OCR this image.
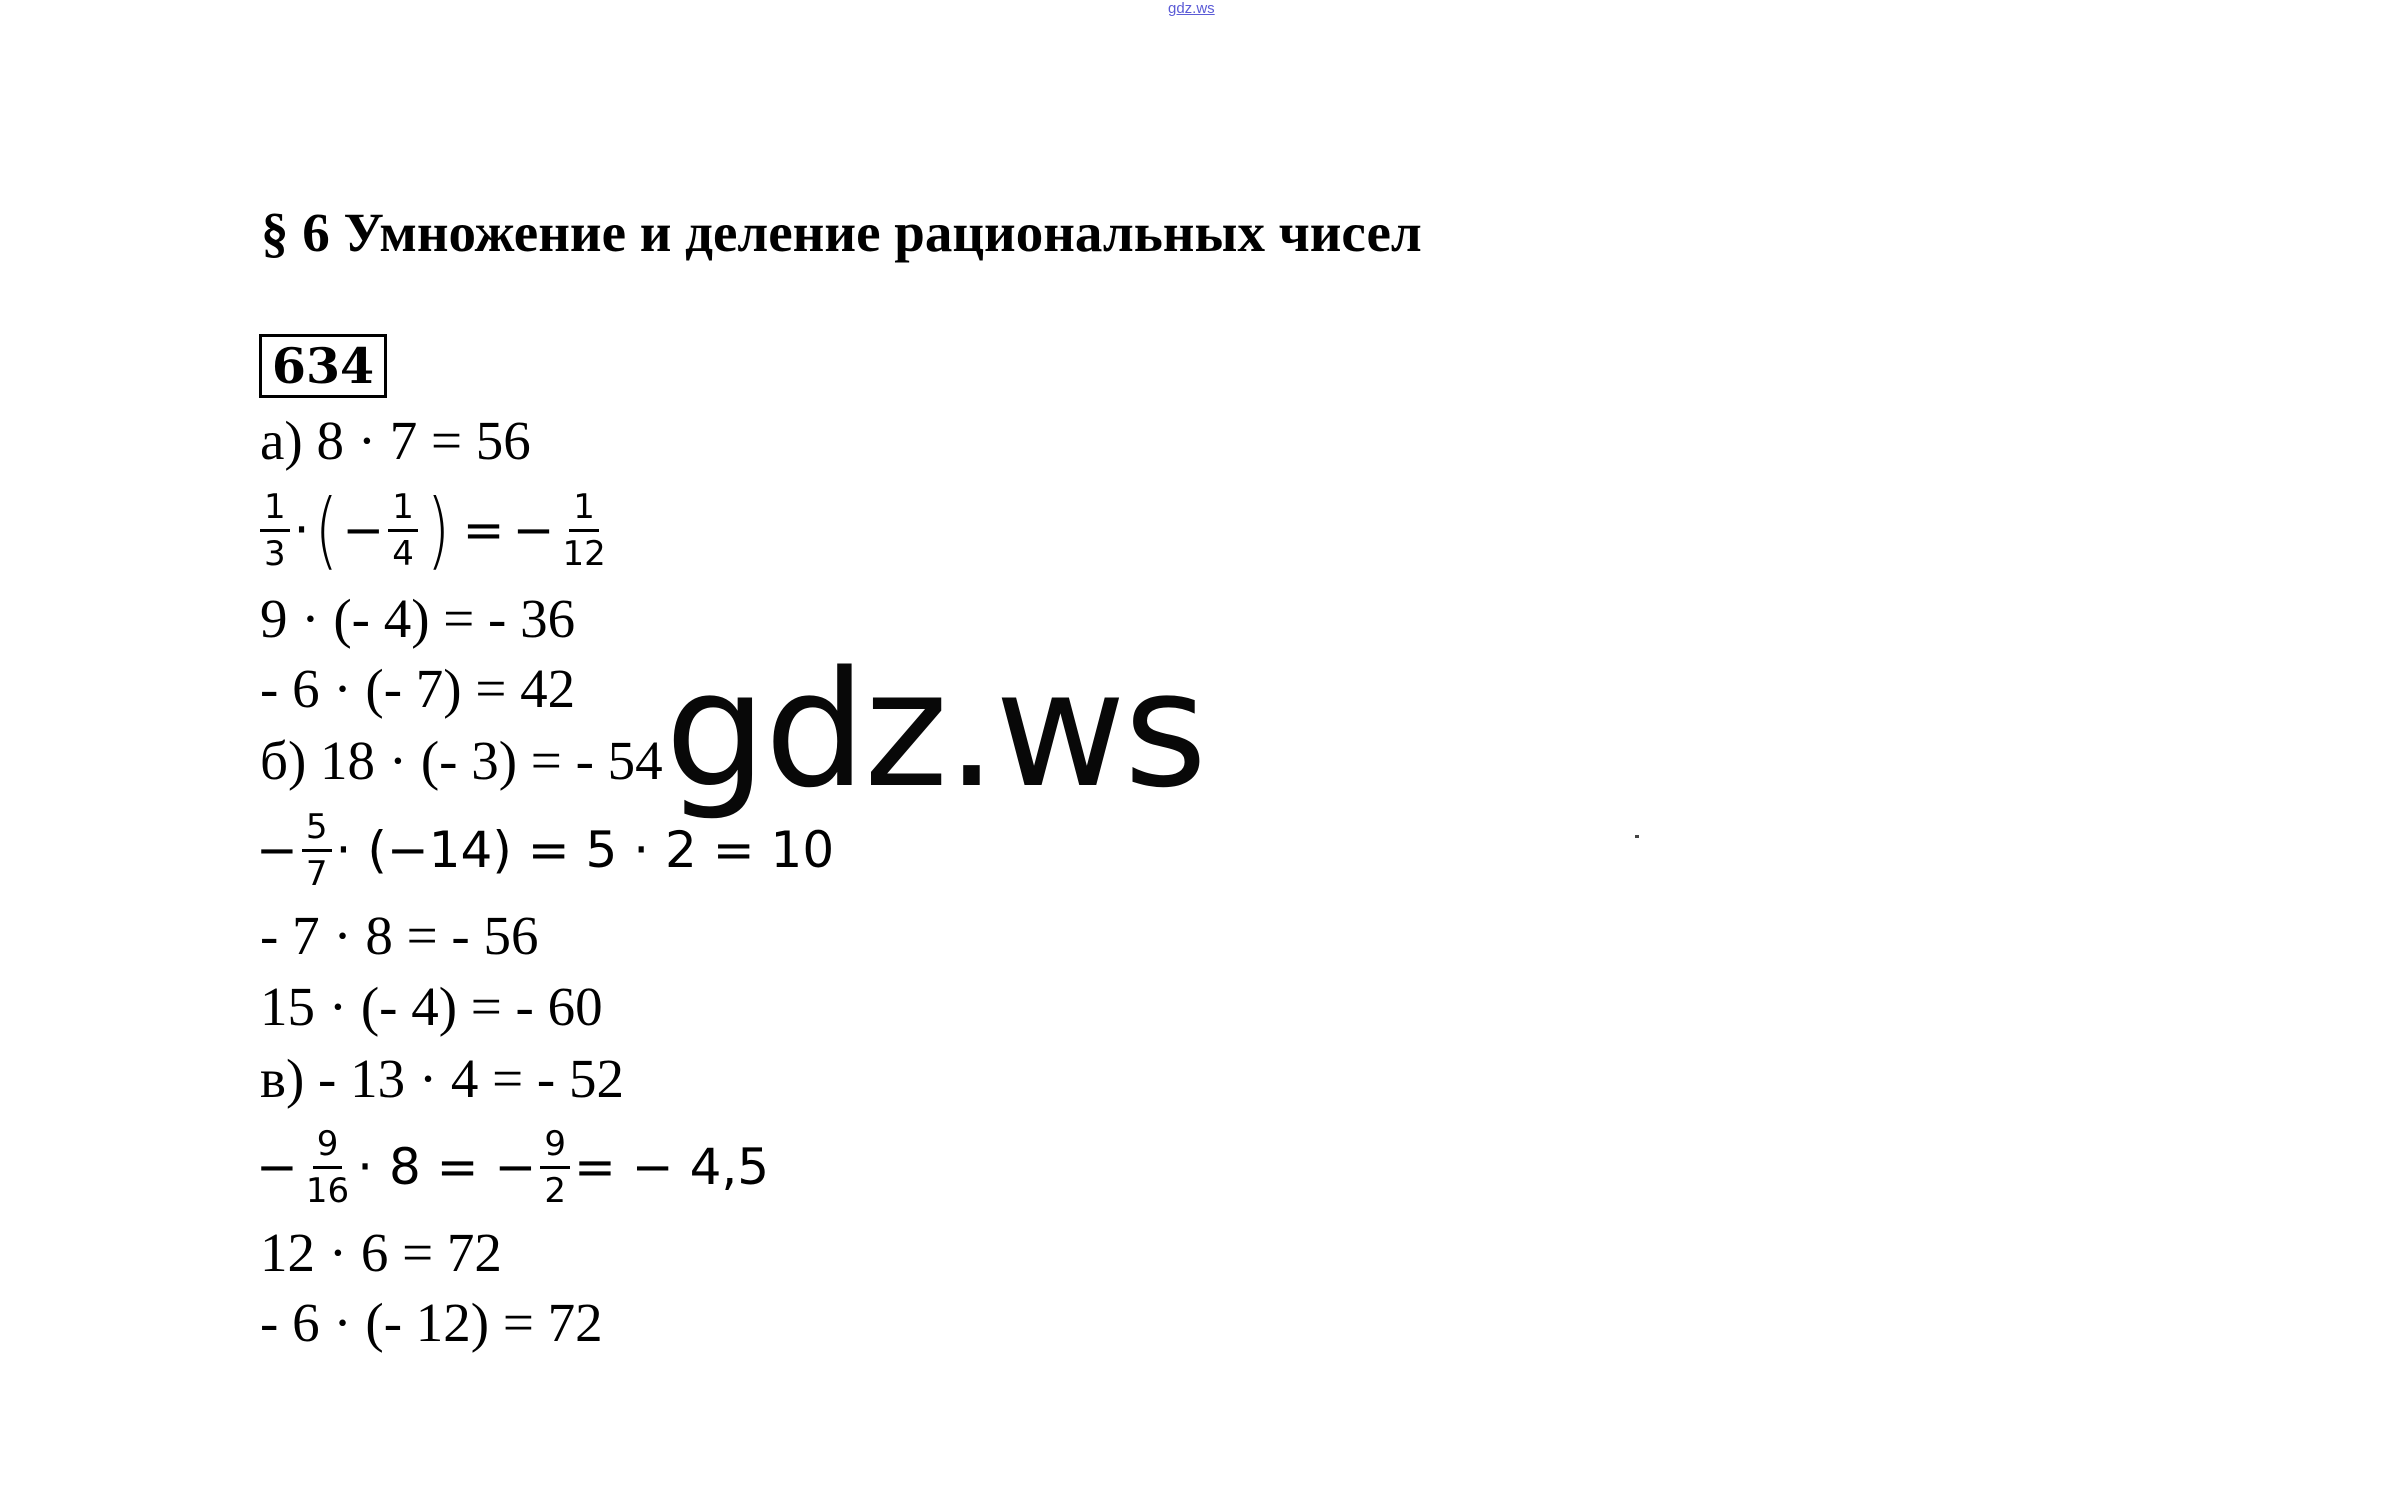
gdz.ws
§ 6 Умножение и деление рациональных чисел
634
а) 8 · 7 = 56
$\frac{1}{3}$ · ( − $\frac{1}{4}$ ) = − $\frac{1}{12}$
9 · (- 4) = - 36
- 6 · (- 7) = 42
б) 18 · (- 3) = - 54
− $\frac{5}{7} \cdot (-14) = 5 \cdot 2 = 10$
- 7 · 8 = - 56
15 · (- 4) = - 60
в) - 13 · 4 = - 52
− $\frac{9}{16} \cdot 8$ = − $\frac{9}{2}$ = − 4,5
12 · 6 = 72
- 6 · (- 12) = 72
gdz.ws
